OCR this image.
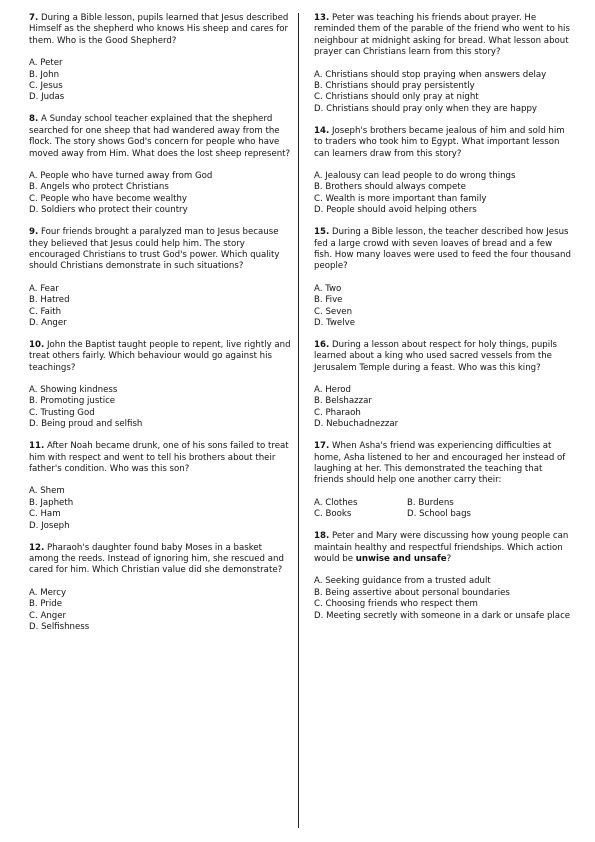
7. During a Bible lesson, pupils learned that Jesus described Himself as the shepherd who knows His sheep and cares for them. Who is the Good Shepherd?

A. Peter
B. John
C. Jesus
D. Judas

8. A Sunday school teacher explained that the shepherd searched for one sheep that had wandered away from the flock. The story shows God's concern for people who have moved away from Him. What does the lost sheep represent?

A. People who have turned away from God
B. Angels who protect Christians
C. People who have become wealthy
D. Soldiers who protect their country

9. Four friends brought a paralyzed man to Jesus because they believed that Jesus could help him. The story encouraged Christians to trust God's power. Which quality should Christians demonstrate in such situations?

A. Fear
B. Hatred
C. Faith
D. Anger

10. John the Baptist taught people to repent, live rightly and treat others fairly. Which behaviour would go against his teachings?

A. Showing kindness
B. Promoting justice
C. Trusting God
D. Being proud and selfish

11. After Noah became drunk, one of his sons failed to treat him with respect and went to tell his brothers about their father's condition. Who was this son?

A. Shem
B. Japheth
C. Ham
D. Joseph

12. Pharaoh's daughter found baby Moses in a basket among the reeds. Instead of ignoring him, she rescued and cared for him. Which Christian value did she demonstrate?

A. Mercy
B. Pride
C. Anger
D. Selfishness

13. Peter was teaching his friends about prayer. He reminded them of the parable of the friend who went to his neighbour at midnight asking for bread. What lesson about prayer can Christians learn from this story?

A. Christians should stop praying when answers delay
B. Christians should pray persistently
C. Christians should only pray at night
D. Christians should pray only when they are happy

14. Joseph's brothers became jealous of him and sold him to traders who took him to Egypt. What important lesson can learners draw from this story?

A. Jealousy can lead people to do wrong things
B. Brothers should always compete
C. Wealth is more important than family
D. People should avoid helping others

15. During a Bible lesson, the teacher described how Jesus fed a large crowd with seven loaves of bread and a few fish. How many loaves were used to feed the four thousand people?

A. Two
B. Five
C. Seven
D. Twelve

16. During a lesson about respect for holy things, pupils learned about a king who used sacred vessels from the Jerusalem Temple during a feast. Who was this king?

A. Herod
B. Belshazzar
C. Pharaoh
D. Nebuchadnezzar

17. When Asha's friend was experiencing difficulties at home, Asha listened to her and encouraged her instead of laughing at her. This demonstrated the teaching that friends should help one another carry their:

A. Clothes	B. Burdens
C. Books	D. School bags

18. Peter and Mary were discussing how young people can maintain healthy and respectful friendships. Which action would be unwise and unsafe?

A. Seeking guidance from a trusted adult
B. Being assertive about personal boundaries
C. Choosing friends who respect them
D. Meeting secretly with someone in a dark or unsafe place
